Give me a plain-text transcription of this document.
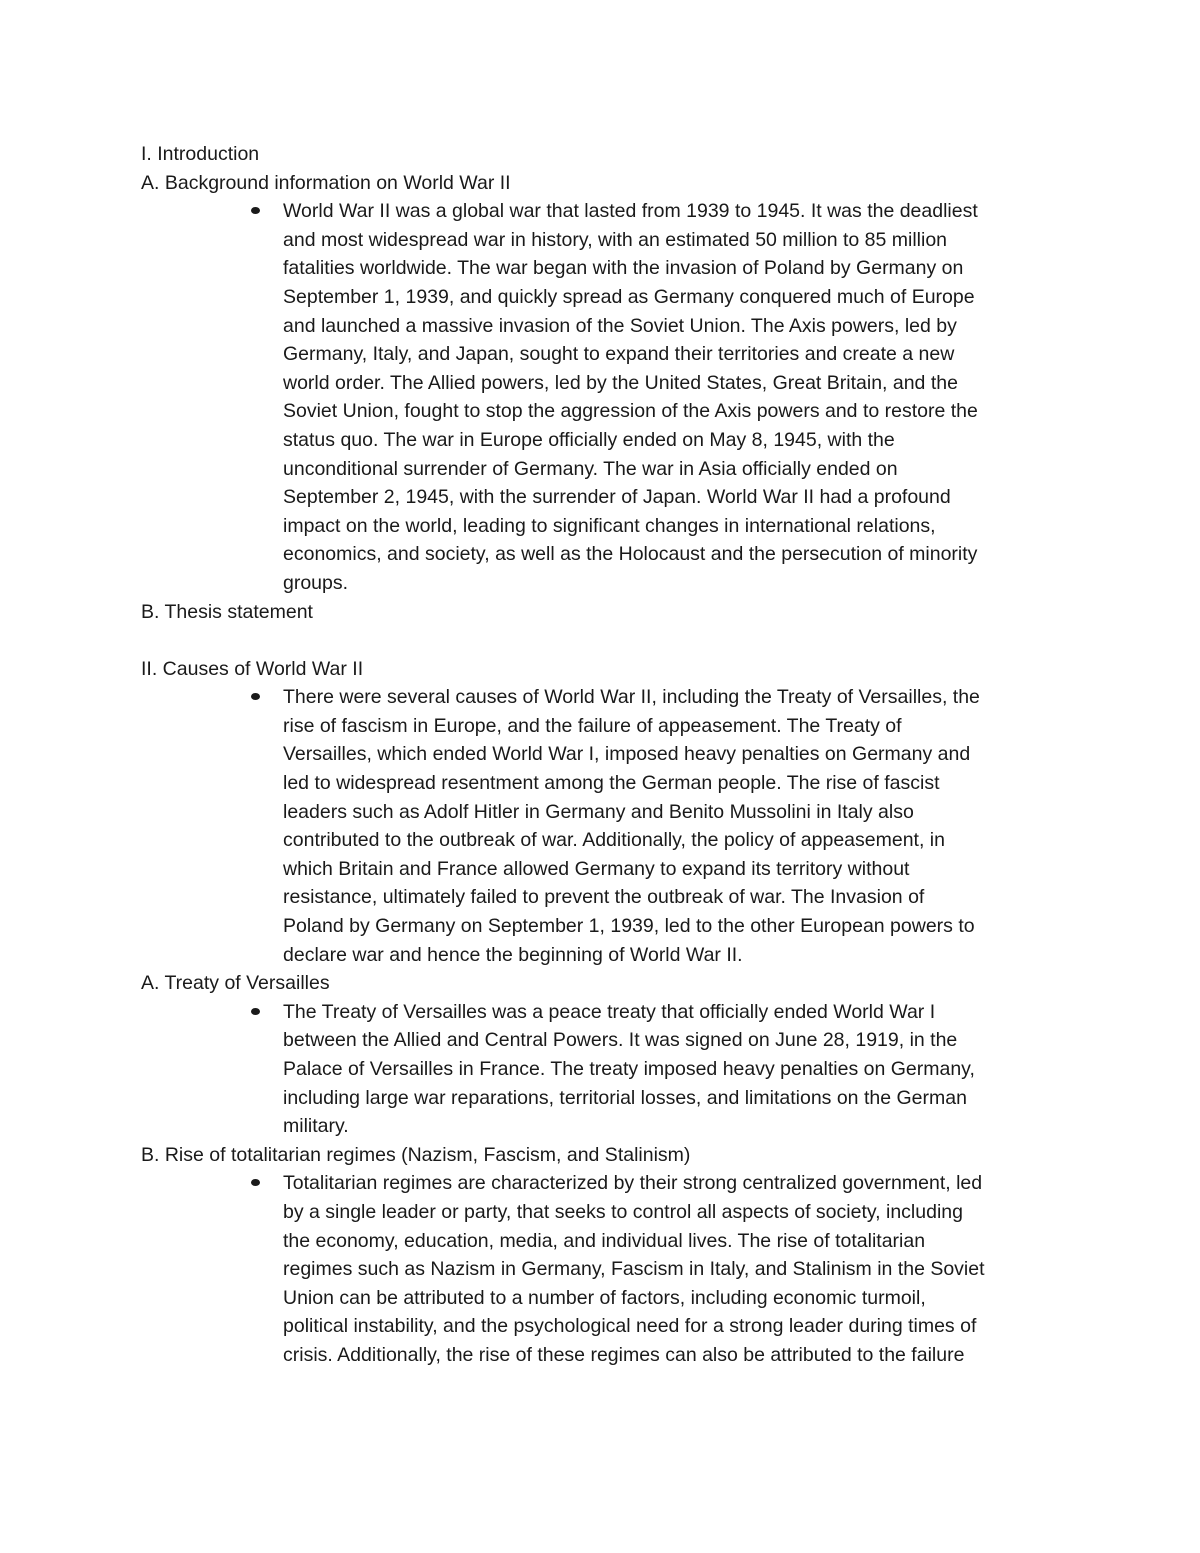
I. Introduction
A. Background information on World War II
World War II was a global war that lasted from 1939 to 1945. It was the deadliest
and most widespread war in history, with an estimated 50 million to 85 million
fatalities worldwide. The war began with the invasion of Poland by Germany on
September 1, 1939, and quickly spread as Germany conquered much of Europe
and launched a massive invasion of the Soviet Union. The Axis powers, led by
Germany, Italy, and Japan, sought to expand their territories and create a new
world order. The Allied powers, led by the United States, Great Britain, and the
Soviet Union, fought to stop the aggression of the Axis powers and to restore the
status quo. The war in Europe officially ended on May 8, 1945, with the
unconditional surrender of Germany. The war in Asia officially ended on
September 2, 1945, with the surrender of Japan. World War II had a profound
impact on the world, leading to significant changes in international relations,
economics, and society, as well as the Holocaust and the persecution of minority
groups.
B. Thesis statement
II. Causes of World War II
There were several causes of World War II, including the Treaty of Versailles, the
rise of fascism in Europe, and the failure of appeasement. The Treaty of
Versailles, which ended World War I, imposed heavy penalties on Germany and
led to widespread resentment among the German people. The rise of fascist
leaders such as Adolf Hitler in Germany and Benito Mussolini in Italy also
contributed to the outbreak of war. Additionally, the policy of appeasement, in
which Britain and France allowed Germany to expand its territory without
resistance, ultimately failed to prevent the outbreak of war. The Invasion of
Poland by Germany on September 1, 1939, led to the other European powers to
declare war and hence the beginning of World War II.
A. Treaty of Versailles
The Treaty of Versailles was a peace treaty that officially ended World War I
between the Allied and Central Powers. It was signed on June 28, 1919, in the
Palace of Versailles in France. The treaty imposed heavy penalties on Germany,
including large war reparations, territorial losses, and limitations on the German
military.
B. Rise of totalitarian regimes (Nazism, Fascism, and Stalinism)
Totalitarian regimes are characterized by their strong centralized government, led
by a single leader or party, that seeks to control all aspects of society, including
the economy, education, media, and individual lives. The rise of totalitarian
regimes such as Nazism in Germany, Fascism in Italy, and Stalinism in the Soviet
Union can be attributed to a number of factors, including economic turmoil,
political instability, and the psychological need for a strong leader during times of
crisis. Additionally, the rise of these regimes can also be attributed to the failure
